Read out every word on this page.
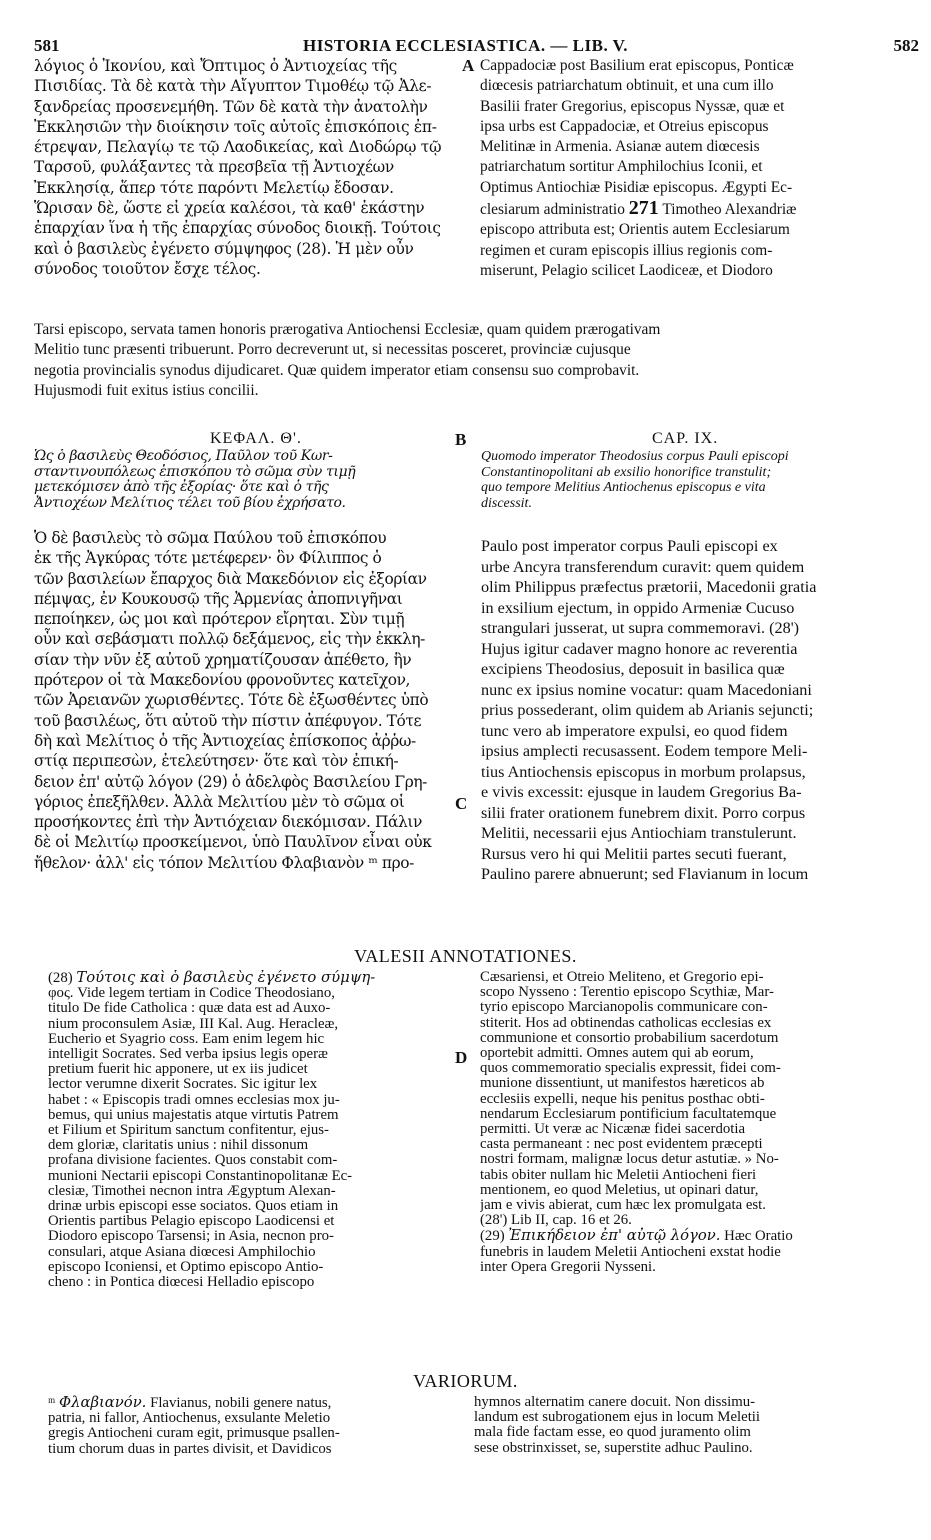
581	HISTORIA ECCLESIASTICA. — LIB. V.	582
A
B
C
D
λόγιος ὁ Ἰκονίου, καὶ Ὄπτιμος ὁ Ἀντιοχείας τῆς
Πισιδίας. Τὰ δὲ κατὰ τὴν Αἴγυπτον Τιμοθέῳ τῷ Ἀλε-
ξανδρείας προσενεμήθη. Τῶν δὲ κατὰ τὴν ἀνατολὴν
Ἐκκλησιῶν τὴν διοίκησιν τοῖς αὐτοῖς ἐπισκόποις ἐπ-
έτρεψαν, Πελαγίῳ τε τῷ Λαοδικείας, καὶ Διοδώρῳ τῷ
Ταρσοῦ, φυλάξαντες τὰ πρεσβεῖα τῇ Ἀντιοχέων
Ἐκκλησίᾳ, ἅπερ τότε παρόντι Μελετίῳ ἔδοσαν.
Ὥρισαν δὲ, ὥστε εἰ χρεία καλέσοι, τὰ καθ' ἑκάστην
ἐπαρχίαν ἵνα ἡ τῆς ἐπαρχίας σύνοδος διοικῇ. Τούτοις
καὶ ὁ βασιλεὺς ἐγένετο σύμψηφος (28). Ἡ μὲν οὖν
σύνοδος τοιοῦτον ἔσχε τέλος.
Cappadociæ post Basilium erat episcopus, Ponticæ
diœcesis patriarchatum obtinuit, et una cum illo
Basilii frater Gregorius, episcopus Nyssæ, quæ et
ipsa urbs est Cappadociæ, et Otreius episcopus
Melitinæ in Armenia. Asianæ autem diœcesis
patriarchatum sortitur Amphilochius Iconii, et
Optimus Antiochiæ Pisidiæ episcopus. Ægypti Ec-
clesiarum administratio 271 Timotheo Alexandriæ
episcopo attributa est; Orientis autem Ecclesiarum
regimen et curam episcopis illius regionis com-
miserunt, Pelagio scilicet Laodiceæ, et Diodoro
Tarsi episcopo, servata tamen honoris prærogativa Antiochensi Ecclesiæ, quam quidem prærogativam
Melitio tunc præsenti tribuerunt. Porro decreverunt ut, si necessitas posceret, provinciæ cujusque
negotia provincialis synodus dijudicaret. Quæ quidem imperator etiam consensu suo comprobavit.
Hujusmodi fuit exitus istius concilii.
ΚΕΦΑΛ. Θ'.	CAP. IX.
Ὡς ὁ βασιλεὺς Θεοδόσιος, Παῦλον τοῦ Κωr-
σταντινουπόλεως ἐπισκόπου τὸ σῶμα σὺν τιμῇ
μετεκόμισεν ἀπὸ τῆς ἐξορίας· ὅτε καὶ ὁ τῆς
Ἀντιοχέων Μελίτιος τέλει τοῦ βίου ἐχρήσατο.
Quomodo imperator Theodosius corpus Pauli episcopi
Constantinopolitani ab exsilio honorifice transtulit;
quo tempore Melitius Antiochenus episcopus e vita
discessit.
Ὁ δὲ βασιλεὺς τὸ σῶμα Παύλου τοῦ ἐπισκόπου
ἐκ τῆς Ἀγκύρας τότε μετέφερεν· ὃν Φίλιππος ὁ
τῶν βασιλείων ἔπαρχος διὰ Μακεδόνιον εἰς ἐξορίαν
πέμψας, ἐν Κουκουσῷ τῆς Ἀρμενίας ἀποπνιγῆναι
πεποίηκεν, ὡς μοι καὶ πρότερον εἴρηται. Σὺν τιμῇ
οὖν καὶ σεβάσματι πολλῷ δεξάμενος, εἰς τὴν ἐκκλη-
σίαν τὴν νῦν ἐξ αὐτοῦ χρηματίζουσαν ἀπέθετο, ἣν
πρότερον οἱ τὰ Μακεδονίου φρονοῦντες κατεῖχον,
τῶν Ἀρειανῶν χωρισθέντες. Τότε δὲ ἐξωσθέντες ὑπὸ
τοῦ βασιλέως, ὅτι αὐτοῦ τὴν πίστιν ἀπέφυγον. Τότε
δὴ καὶ Μελίτιος ὁ τῆς Ἀντιοχείας ἐπίσκοπος ἀῤῥω-
στίᾳ περιπεσὼν, ἐτελεύτησεν· ὅτε καὶ τὸν ἐπική-
δειον ἐπ' αὐτῷ λόγον (29) ὁ ἀδελφὸς Βασιλείου Γρη-
γόριος ἐπεξῆλθεν. Ἀλλὰ Μελιτίου μὲν τὸ σῶμα οἱ
προσήκοντες ἐπὶ τὴν Ἀντιόχειαν διεκόμισαν. Πάλιν
δὲ οἱ Μελιτίῳ προσκείμενοι, ὑπὸ Παυλῖνον εἶναι οὐκ
ἤθελον· ἀλλ' εἰς τόπον Μελιτίου Φλαβιανὸν ᵐ προ-
Paulo post imperator corpus Pauli episcopi ex
urbe Ancyra transferendum curavit: quem quidem
olim Philippus præfectus prætorii, Macedonii gratia
in exsilium ejectum, in oppido Armeniæ Cucuso
strangulari jusserat, ut supra commemoravi. (28')
Hujus igitur cadaver magno honore ac reverentia
excipiens Theodosius, deposuit in basilica quæ
nunc ex ipsius nomine vocatur: quam Macedoniani
prius possederant, olim quidem ab Arianis sejuncti;
tunc vero ab imperatore expulsi, eo quod fidem
ipsius amplecti recusassent. Eodem tempore Meli-
tius Antiochensis episcopus in morbum prolapsus,
e vivis excessit: ejusque in laudem Gregorius Ba-
silii frater orationem funebrem dixit. Porro corpus
Melitii, necessarii ejus Antiochiam transtulerunt.
Rursus vero hi qui Melitii partes secuti fuerant,
Paulino parere abnuerunt; sed Flavianum in locum
VALESII ANNOTATIONES.
(28) Τούτοις καὶ ὁ βασιλεὺς ἐγένετο σύμψη-
φος. Vide legem tertiam in Codice Theodosiano,
titulo De fide Catholica : quæ data est ad Auxo-
nium proconsulem Asiæ, III Kal. Aug. Heracleæ,
Eucherio et Syagrio coss. Eam enim legem hic
intelligit Socrates. Sed verba ipsius legis operæ
pretium fuerit hic apponere, ut ex iis judicet
lector verumne dixerit Socrates. Sic igitur lex
habet : « Episcopis tradi omnes ecclesias mox ju-
bemus, qui unius majestatis atque virtutis Patrem
et Filium et Spiritum sanctum confitentur, ejus-
dem gloriæ, claritatis unius : nihil dissonum
profana divisione facientes. Quos constabit com-
munioni Nectarii episcopi Constantinopolitanæ Ec-
clesiæ, Timothei necnon intra Ægyptum Alexan-
drinæ urbis episcopi esse sociatos. Quos etiam in
Orientis partibus Pelagio episcopo Laodicensi et
Diodoro episcopo Tarsensi; in Asia, necnon pro-
consulari, atque Asiana diœcesi Amphilochio
episcopo Iconiensi, et Optimo episcopo Antio-
cheno : in Pontica diœcesi Helladio episcopo
Cæsariensi, et Otreio Meliteno, et Gregorio epi-
scopo Nysseno : Terentio episcopo Scythiæ, Mar-
tyrio episcopo Marcianopolis communicare con-
stiterit. Hos ad obtinendas catholicas ecclesias ex
communione et consortio probabilium sacerdotum
oportebit admitti. Omnes autem qui ab eorum,
quos commemoratio specialis expressit, fidei com-
munione dissentiunt, ut manifestos hæreticos ab
ecclesiis expelli, neque his penitus posthac obti-
nendarum Ecclesiarum pontificium facultatemque
permitti. Ut veræ ac Nicænæ fidei sacerdotia
casta permaneant : nec post evidentem præcepti
nostri formam, malignæ locus detur astutiæ. » No-
tabis obiter nullam hic Meletii Antiocheni fieri
mentionem, eo quod Meletius, ut opinari datur,
jam e vivis abierat, cum hæc lex promulgata est.
(28') Lib II, cap. 16 et 26.
(29) Ἐπικήδειον ἐπ' αὐτῷ λόγον. Hæc Oratio
funebris in laudem Meletii Antiocheni exstat hodie
inter Opera Gregorii Nysseni.
VARIORUM.
ᵐ Φλαβιανόν. Flavianus, nobili genere natus,
patria, ni fallor, Antiochenus, exsulante Meletio
gregis Antiocheni curam egit, primusque psallen-
tium chorum duas in partes divisit, et Davidicos
hymnos alternatim canere docuit. Non dissimu-
landum est subrogationem ejus in locum Meletii
mala fide factam esse, eo quod juramento olim
sese obstrinxisset, se, superstite adhuc Paulino.
